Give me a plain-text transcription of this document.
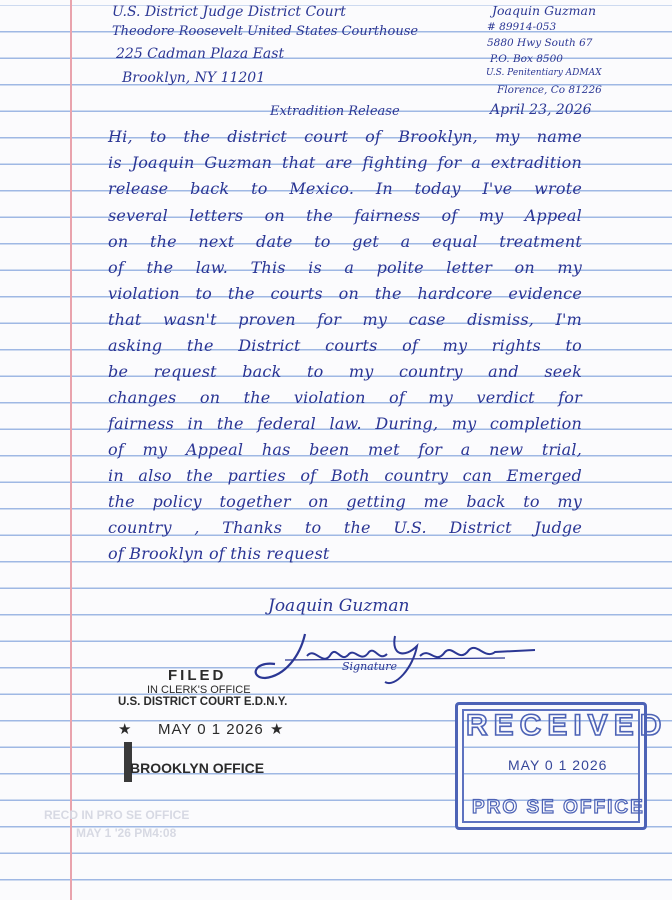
U.S. District Judge District Court
Theodore Roosevelt United States Courthouse
225 Cadman Plaza East
Brooklyn, NY 11201
Joaquin Guzman
# 89914-053
5880 Hwy South 67
P.O. Box 8500
U.S. Penitentiary ADMAX
Florence, Co 81226
Extradition Release	April 23, 2026
Hi, to the district court of Brooklyn, my name
is Joaquin Guzman that are fighting for a extradition
release back to Mexico. In today I've wrote
several letters on the fairness of my Appeal
on the next date to get a equal treatment
of the law. This is a polite letter on my
violation to the courts on the hardcore evidence
that wasn't proven for my case dismiss, I'm
asking the District courts of my rights to
be request back to my country and seek
changes on the violation of my verdict for
fairness in the federal law. During, my completion
of my Appeal has been met for a new trial,
in also the parties of Both country can Emerged
the policy together on getting me back to my
country , Thanks to the U.S. District Judge
of Brooklyn of this request
Joaquin Guzman
Signature
FILED
IN CLERK'S OFFICE
U.S. DISTRICT COURT E.D.N.Y.
★ MAY 0 1 2026 ★
BROOKLYN OFFICE
RECD IN PRO SE OFFICE
MAY 1 '26 PM4:08
RECEIVED
MAY 0 1 2026
PRO SE OFFICE
